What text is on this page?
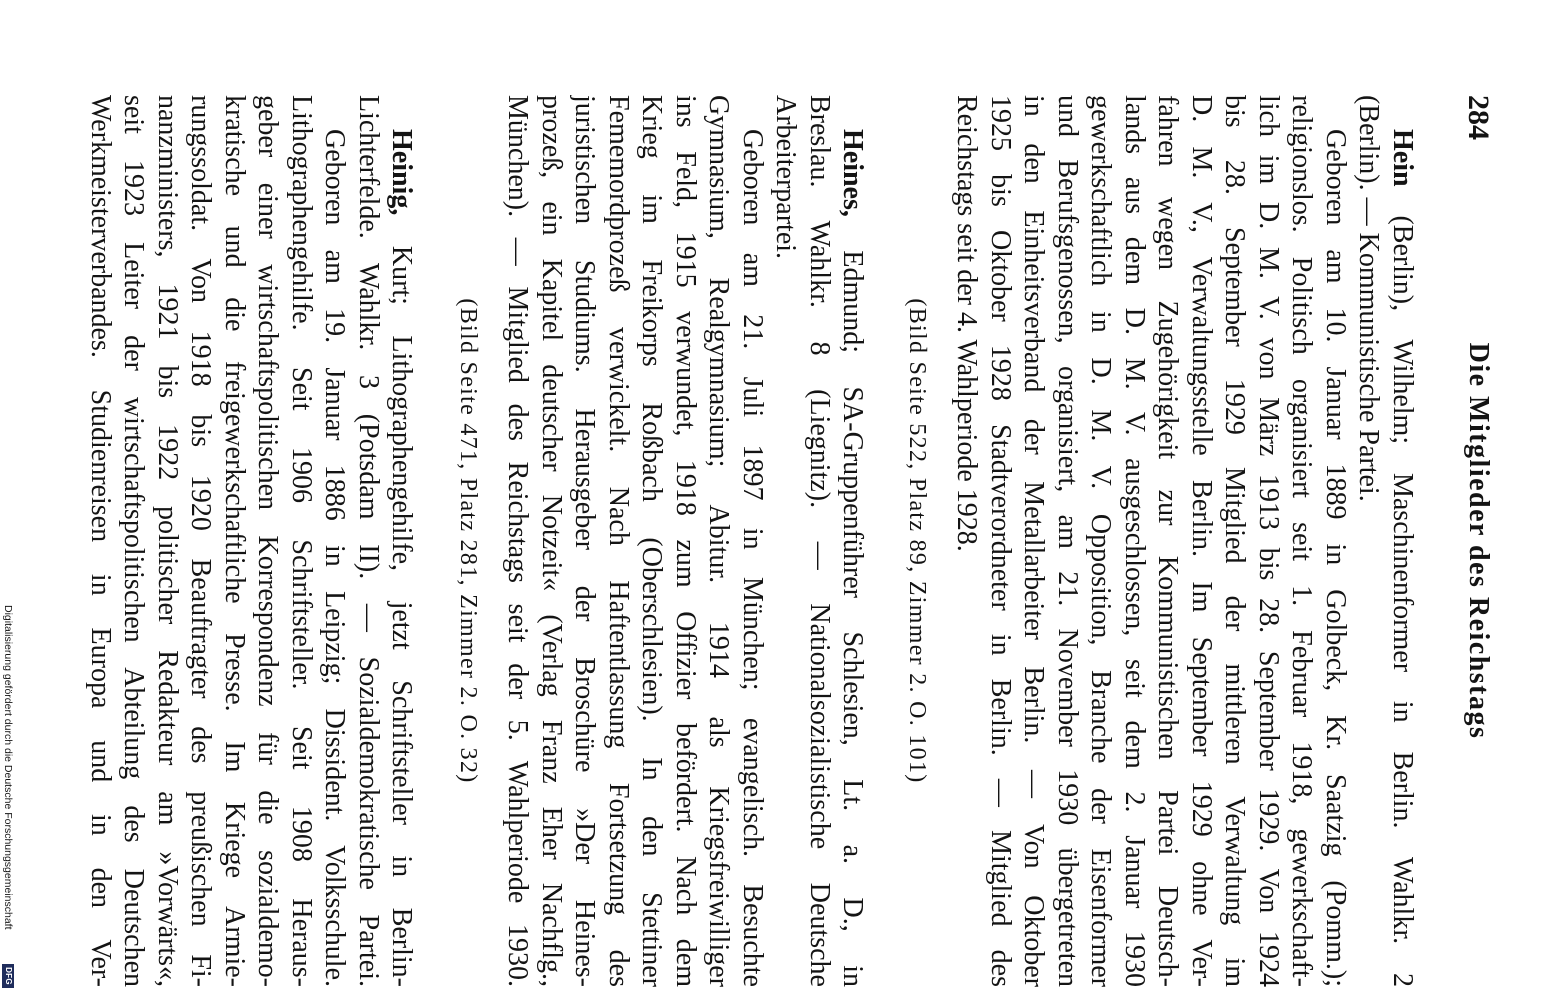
284
Die Mitglieder des Reichstags
Hein (Berlin), Wilhelm; Maschinenformer in Berlin. Wahlkr. 2
(Berlin). — Kommunistische Partei.
Geboren am 10. Januar 1889 in Golbeck, Kr. Saatzig (Pomm.);
religionslos. Politisch organisiert seit 1. Februar 1918, gewerkschaft-
lich im D. M. V. von März 1913 bis 28. September 1929. Von 1924
bis 28. September 1929 Mitglied der mittleren Verwaltung im
D. M. V., Verwaltungsstelle Berlin. Im September 1929 ohne Ver-
fahren wegen Zugehörigkeit zur Kommunistischen Partei Deutsch-
lands aus dem D. M. V. ausgeschlossen, seit dem 2. Januar 1930
gewerkschaftlich in D. M. V. Opposition, Branche der Eisenformer
und Berufsgenossen, organisiert, am 21. November 1930 übergetreten
in den Einheitsverband der Metallarbeiter Berlin. — Von Oktober
1925 bis Oktober 1928 Stadtverordneter in Berlin. — Mitglied des
Reichstags seit der 4. Wahlperiode 1928.
(Bild Seite 522, Platz 89, Zimmer 2. O. 101)
Heines, Edmund; SA-Gruppenführer Schlesien, Lt. a. D., in
Breslau. Wahlkr. 8 (Liegnitz). — Nationalsozialistische Deutsche
Arbeiterpartei.
Geboren am 21. Juli 1897 in München; evangelisch. Besuchte
Gymnasium, Realgymnasium; Abitur. 1914 als Kriegsfreiwilliger
ins Feld, 1915 verwundet, 1918 zum Offizier befördert. Nach dem
Krieg im Freikorps Roßbach (Oberschlesien). In den Stettiner
Fememordprozeß verwickelt. Nach Haftentlassung Fortsetzung des
juristischen Studiums. Herausgeber der Broschüre »Der Heines-
prozeß, ein Kapitel deutscher Notzeit« (Verlag Franz Eher Nachflg.,
München). — Mitglied des Reichstags seit der 5. Wahlperiode 1930.
(Bild Seite 471, Platz 281, Zimmer 2. O. 32)
Heinig, Kurt; Lithographengehilfe, jetzt Schriftsteller in Berlin-
Lichterfelde. Wahlkr. 3 (Potsdam II). — Sozialdemokratische Partei.
Geboren am 19. Januar 1886 in Leipzig; Dissident. Volksschule.
Lithographengehilfe. Seit 1906 Schriftsteller. Seit 1908 Heraus-
geber einer wirtschaftspolitischen Korrespondenz für die sozialdemo-
kratische und die freigewerkschaftliche Presse. Im Kriege Armie-
rungssoldat. Von 1918 bis 1920 Beauftragter des preußischen Fi-
nanzministers, 1921 bis 1922 politischer Redakteur am »Vorwärts«,
seit 1923 Leiter der wirtschaftspolitischen Abteilung des Deutschen
Werkmeisterverbandes. Studienreisen in Europa und in den Ver-
Digitalisierung gefördert durch die Deutsche Forschungsgemeinschaft
DFG
